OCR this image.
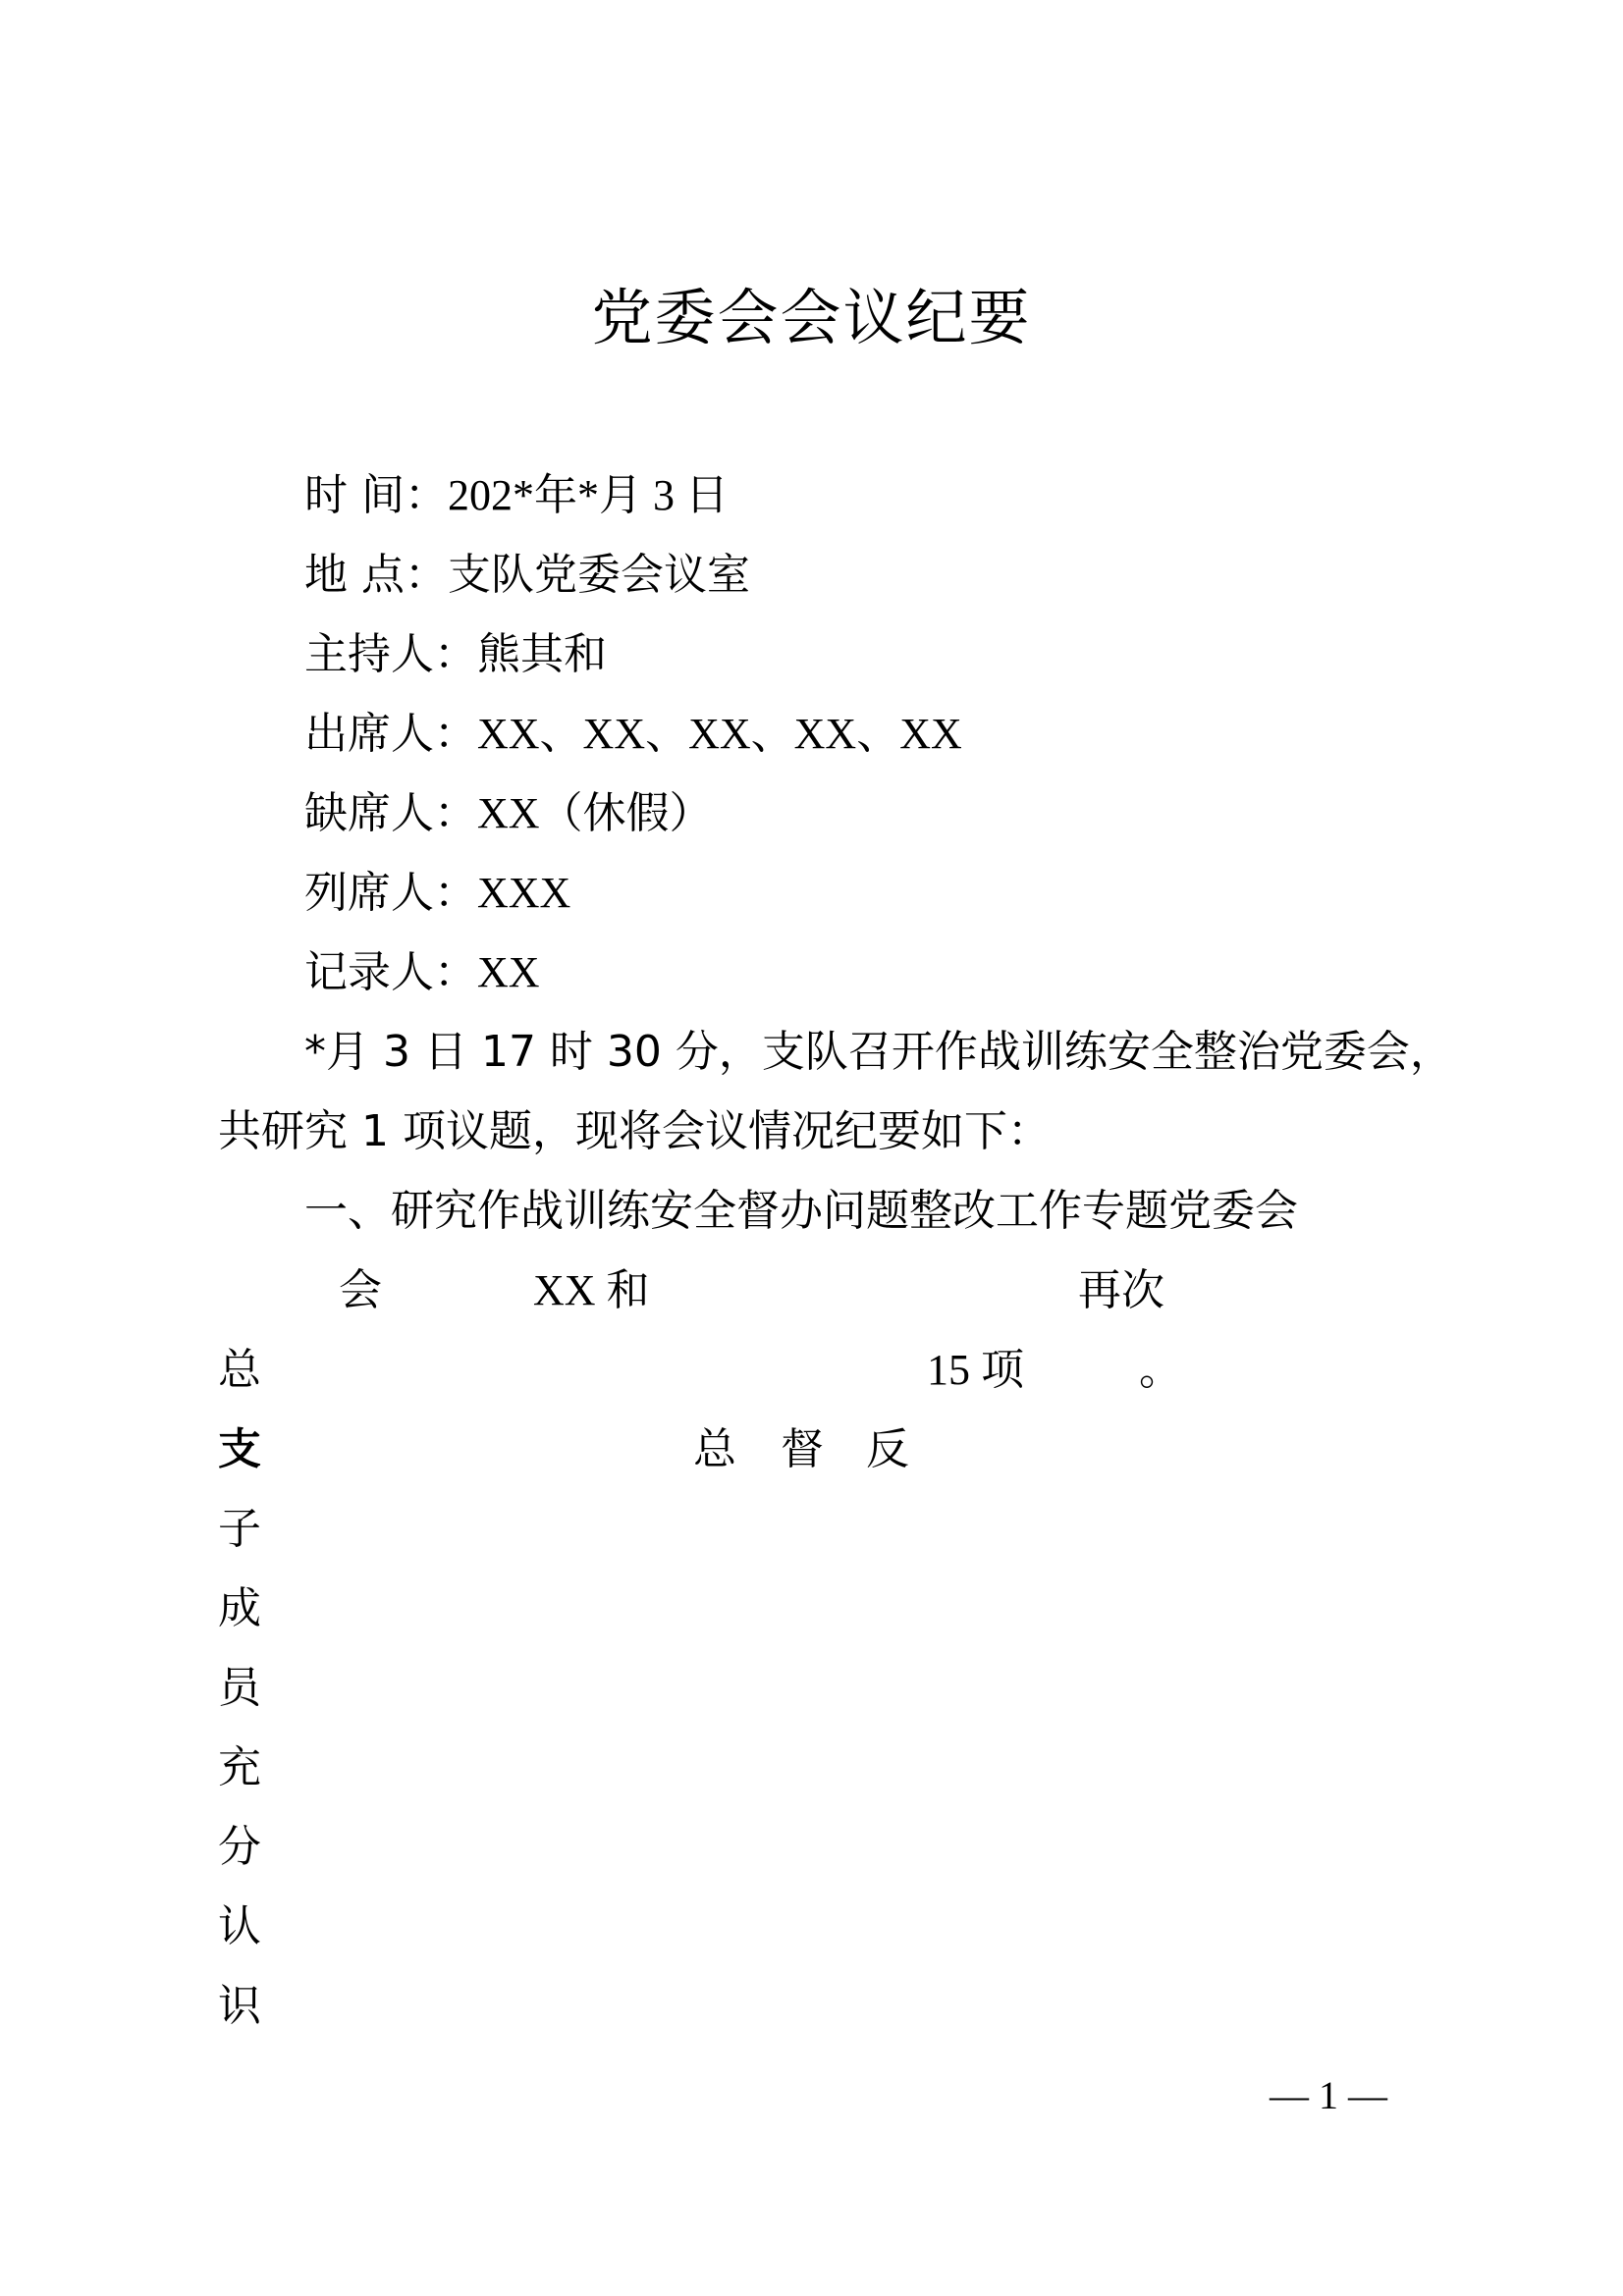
党委会会议纪要
时 间：202*年*月 3 日
地 点：支队党委会议室
主持人：熊其和
出席人：XX、XX、XX、XX、XX
缺席人：XX（休假）
列席人：XXX
记录人：XX
*月 3 日 17 时 30 分，支队召开作战训练安全整治党委会，
共研究 1 项议题，现将会议情况纪要如下：
一、研究作战训练安全督办问题整改工作专题党委会
会	XX 和	再次
总	15 项	。
支	总 督 反
子
成
员
充
分
认
识
— 1 —
